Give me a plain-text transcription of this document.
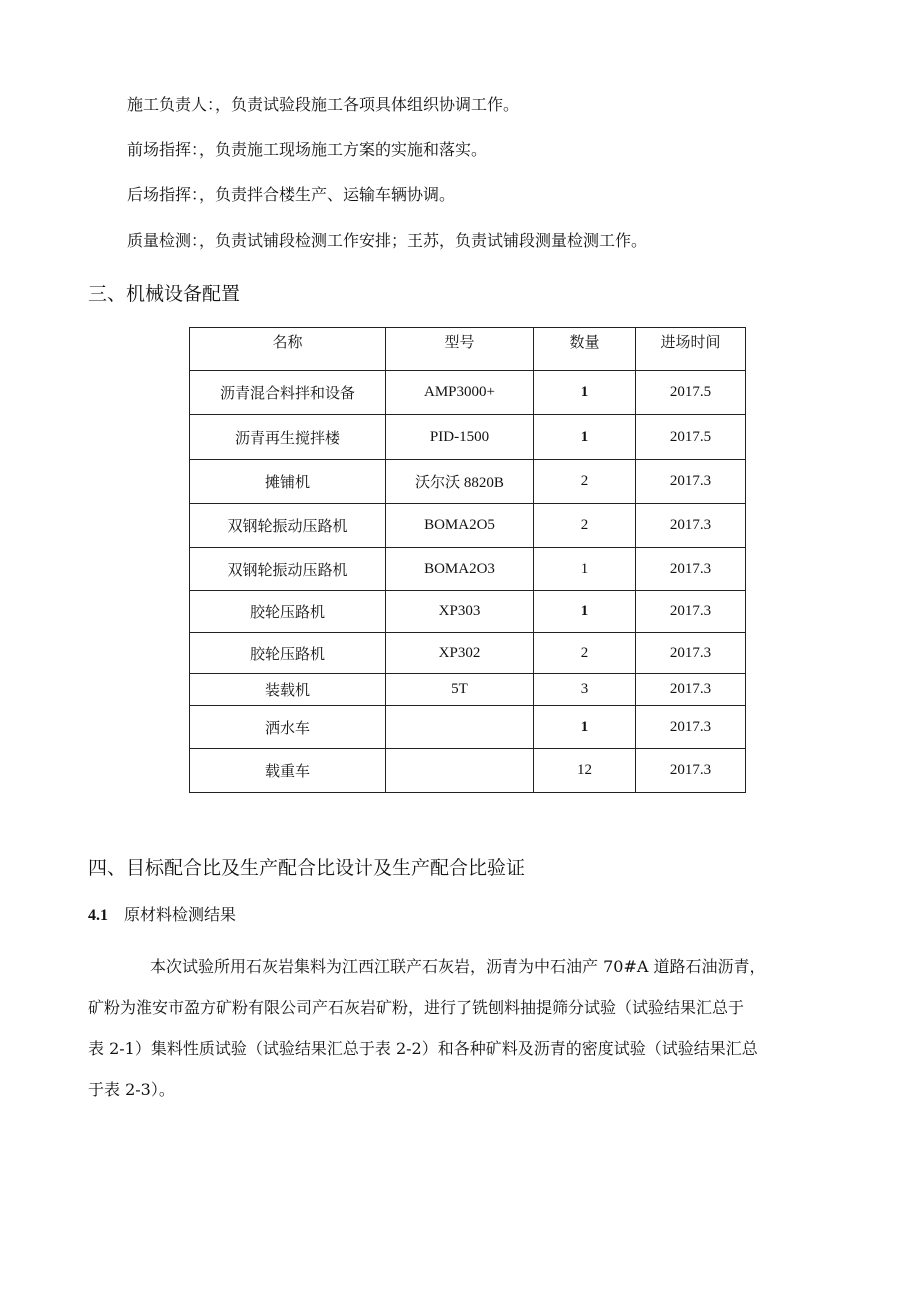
施工负责人：，负责试验段施工各项具体组织协调工作。
前场指挥：，负责施工现场施工方案的实施和落实。
后场指挥：，负责拌合楼生产、运输车辆协调。
质量检测：，负责试铺段检测工作安排；王苏，负责试铺段测量检测工作。
三、机械设备配置
名称	型号	数量	进场时间
沥青混合料拌和设备	AMP3000+	1	2017.5
沥青再生搅拌楼	PID-1500	1	2017.5
摊铺机	沃尔沃 8820B	2	2017.3
双钢轮振动压路机	BOMA2O5	2	2017.3
双钢轮振动压路机	BOMA2O3	1	2017.3
胶轮压路机	XP303	1	2017.3
胶轮压路机	XP302	2	2017.3
装载机	5T	3	2017.3
洒水车		1	2017.3
载重车		12	2017.3
四、目标配合比及生产配合比设计及生产配合比验证
4.1 原材料检测结果
本次试验所用石灰岩集料为江西江联产石灰岩，沥青为中石油产 70#A 道路石油沥青，
矿粉为淮安市盈方矿粉有限公司产石灰岩矿粉，进行了铣刨料抽提筛分试验（试验结果汇总于
表 2-1）集料性质试验（试验结果汇总于表 2-2）和各种矿料及沥青的密度试验（试验结果汇总
于表 2-3）。
